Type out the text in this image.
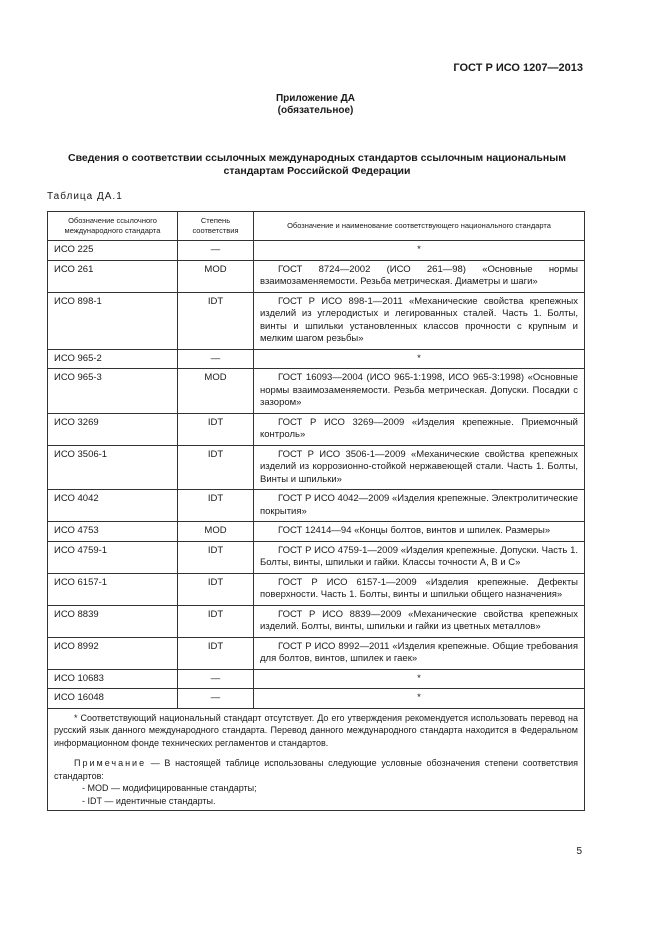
ГОСТ Р ИСО 1207—2013
Приложение ДА
(обязательное)
Сведения о соответствии ссылочных международных стандартов ссылочным национальным стандартам Российской Федерации
Таблица ДА.1
Обозначение ссылочного международного стандарта	Степень соответствия	Обозначение и наименование соответствующего национального стандарта
ИСО 225	—	*
ИСО 261	MOD	ГОСТ 8724—2002 (ИСО 261—98) «Основные нормы взаимозаменяемости. Резьба метрическая. Диаметры и шаги»
ИСО 898-1	IDT	ГОСТ Р ИСО 898-1—2011 «Механические свойства крепежных изделий из углеродистых и легированных сталей. Часть 1. Болты, винты и шпильки установленных классов прочности с крупным и мелким шагом резьбы»
ИСО 965-2	—	*
ИСО 965-3	MOD	ГОСТ 16093—2004 (ИСО 965-1:1998, ИСО 965-3:1998) «Основные нормы взаимозаменяемости. Резьба метрическая. Допуски. Посадки с зазором»
ИСО 3269	IDT	ГОСТ Р ИСО 3269—2009 «Изделия крепежные. Приемочный контроль»
ИСО 3506-1	IDT	ГОСТ Р ИСО 3506-1—2009 «Механические свойства крепежных изделий из коррозионно-стойкой нержавеющей стали. Часть 1. Болты, Винты и шпильки»
ИСО 4042	IDT	ГОСТ Р ИСО 4042—2009 «Изделия крепежные. Электролитические покрытия»
ИСО 4753	MOD	ГОСТ 12414—94 «Концы болтов, винтов и шпилек. Размеры»
ИСО 4759-1	IDT	ГОСТ Р ИСО 4759-1—2009 «Изделия крепежные. Допуски. Часть 1. Болты, винты, шпильки и гайки. Классы точности А, В и С»
ИСО 6157-1	IDT	ГОСТ Р ИСО 6157-1—2009 «Изделия крепежные. Дефекты поверхности. Часть 1. Болты, винты и шпильки общего назначения»
ИСО 8839	IDT	ГОСТ Р ИСО 8839—2009 «Механические свойства крепежных изделий. Болты, винты, шпильки и гайки из цветных металлов»
ИСО 8992	IDT	ГОСТ Р ИСО 8992—2011 «Изделия крепежные. Общие требования для болтов, винтов, шпилек и гаек»
ИСО 10683	—	*
ИСО 16048	—	*

* Соответствующий национальный стандарт отсутствует. До его утверждения рекомендуется использовать перевод на русский язык данного международного стандарта. Перевод данного международного стандарта находится в Федеральном информационном фонде технических регламентов и стандартов.

Примечание — В настоящей таблице использованы следующие условные обозначения степени соответствия стандартов:

- MOD — модифицированные стандарты;
- IDT — идентичные стандарты.		
5
